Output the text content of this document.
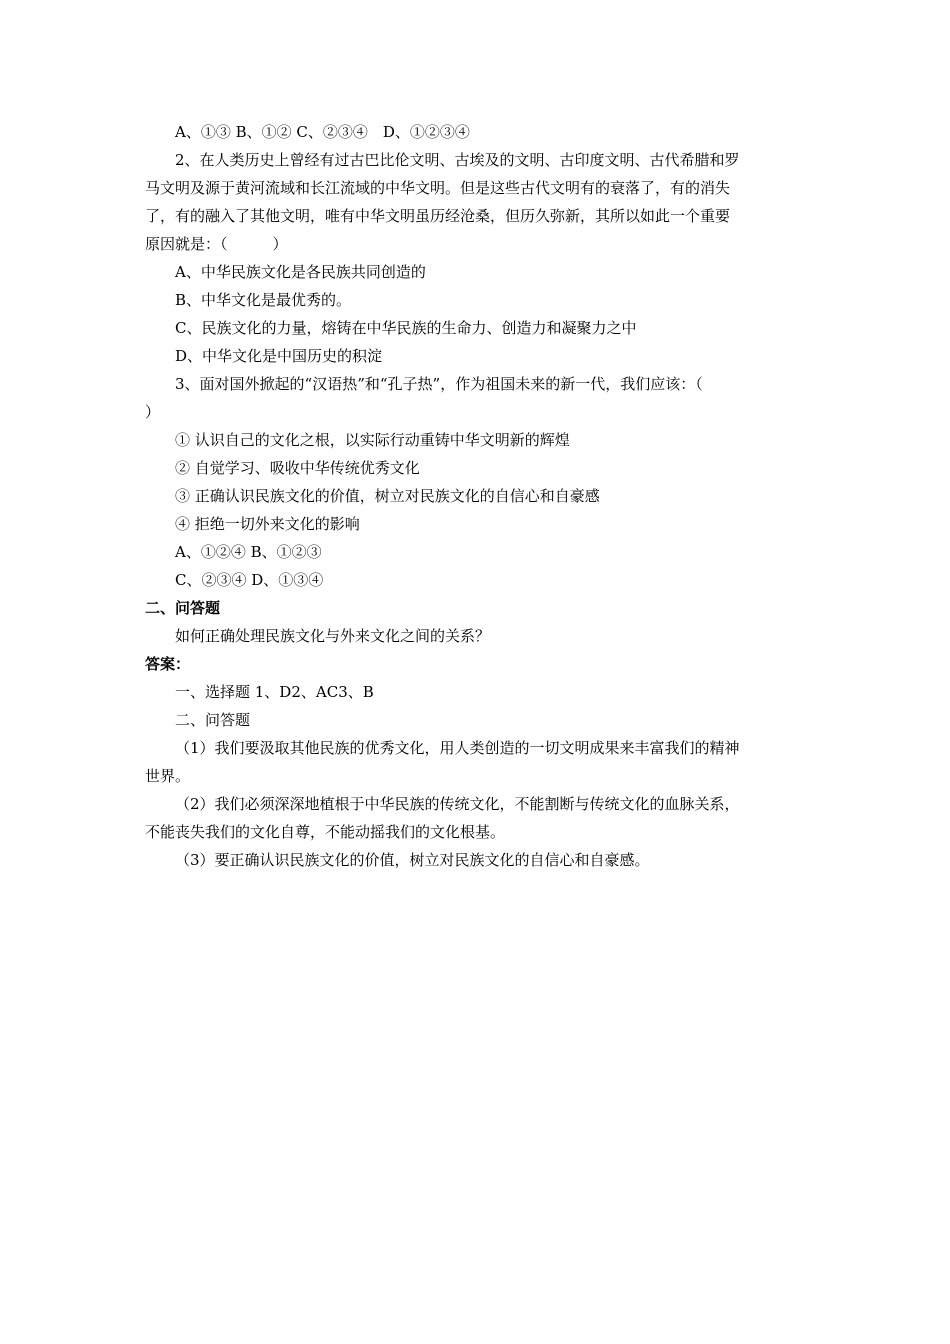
A、①③ B、①② C、②③④　D、①②③④
2、在人类历史上曾经有过古巴比伦文明、古埃及的文明、古印度文明、古代希腊和罗
马文明及源于黄河流域和长江流域的中华文明。但是这些古代文明有的衰落了，有的消失
了，有的融入了其他文明，唯有中华文明虽历经沧桑，但历久弥新，其所以如此一个重要
原因就是：（　　　）
A、中华民族文化是各民族共同创造的
B、中华文化是最优秀的。
C、民族文化的力量，熔铸在中华民族的生命力、创造力和凝聚力之中
D、中华文化是中国历史的积淀
3、面对国外掀起的“汉语热”和“孔子热”，作为祖国未来的新一代，我们应该：（
）
① 认识自己的文化之根，以实际行动重铸中华文明新的辉煌
② 自觉学习、吸收中华传统优秀文化
③ 正确认识民族文化的价值，树立对民族文化的自信心和自豪感
④ 拒绝一切外来文化的影响
A、①②④ B、①②③
C、②③④ D、①③④
二、问答题
如何正确处理民族文化与外来文化之间的关系？
答案：
一、选择题 1、D2、AC3、B
二、问答题
（1）我们要汲取其他民族的优秀文化，用人类创造的一切文明成果来丰富我们的精神
世界。
（2）我们必须深深地植根于中华民族的传统文化，不能割断与传统文化的血脉关系，
不能丧失我们的文化自尊，不能动摇我们的文化根基。
（3）要正确认识民族文化的价值，树立对民族文化的自信心和自豪感。
